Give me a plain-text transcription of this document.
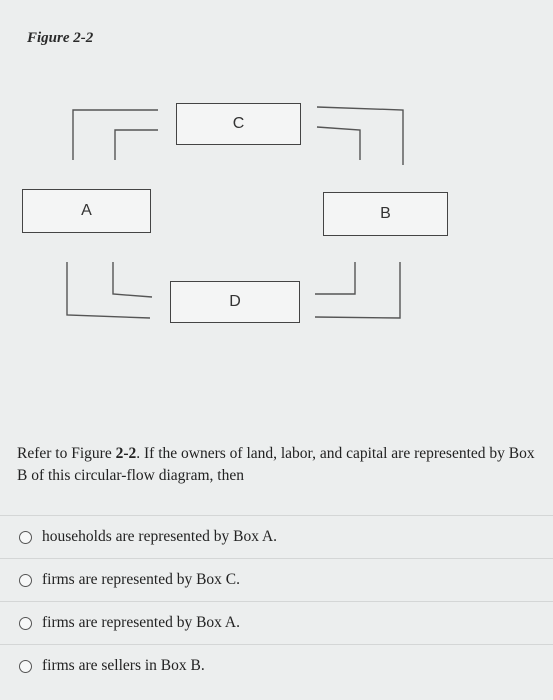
Figure 2-2
C
A	B
D
Refer to Figure 2-2. If the owners of land, labor, and capital are represented by Box B of this circular-flow diagram, then
households are represented by Box A.
firms are represented by Box C.
firms are represented by Box A.
firms are sellers in Box B.
